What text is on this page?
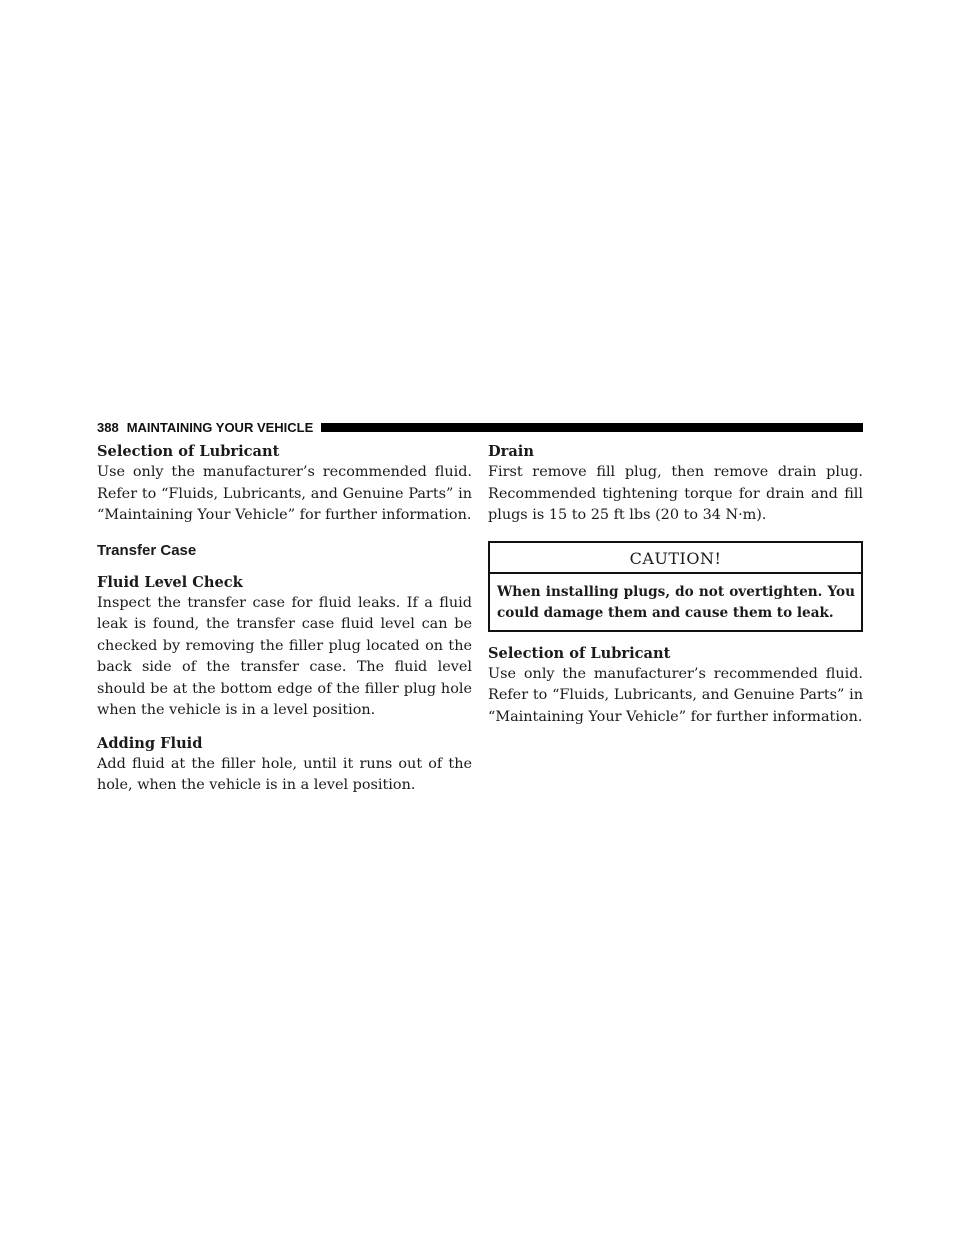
388 MAINTAINING YOUR VEHICLE
Selection of Lubricant

Use only the manufacturer’s recommended fluid. Refer to “Fluids, Lubricants, and Genuine Parts” in “Maintaining Your Vehicle” for further information.

Transfer Case
Fluid Level Check

Inspect the transfer case for fluid leaks. If a fluid leak is found, the transfer case fluid level can be checked by removing the filler plug located on the back side of the transfer case. The fluid level should be at the bottom edge of the filler plug hole when the vehicle is in a level position.

Adding Fluid

Add fluid at the filler hole, until it runs out of the hole, when the vehicle is in a level position.

Drain

First remove fill plug, then remove drain plug. Recommended tightening torque for drain and fill plugs is 15 to 25 ft lbs (20 to 34 N·m).

CAUTION!
When installing plugs, do not overtighten. You could damage them and cause them to leak.
Selection of Lubricant

Use only the manufacturer’s recommended fluid. Refer to “Fluids, Lubricants, and Genuine Parts” in “Maintaining Your Vehicle” for further information.
